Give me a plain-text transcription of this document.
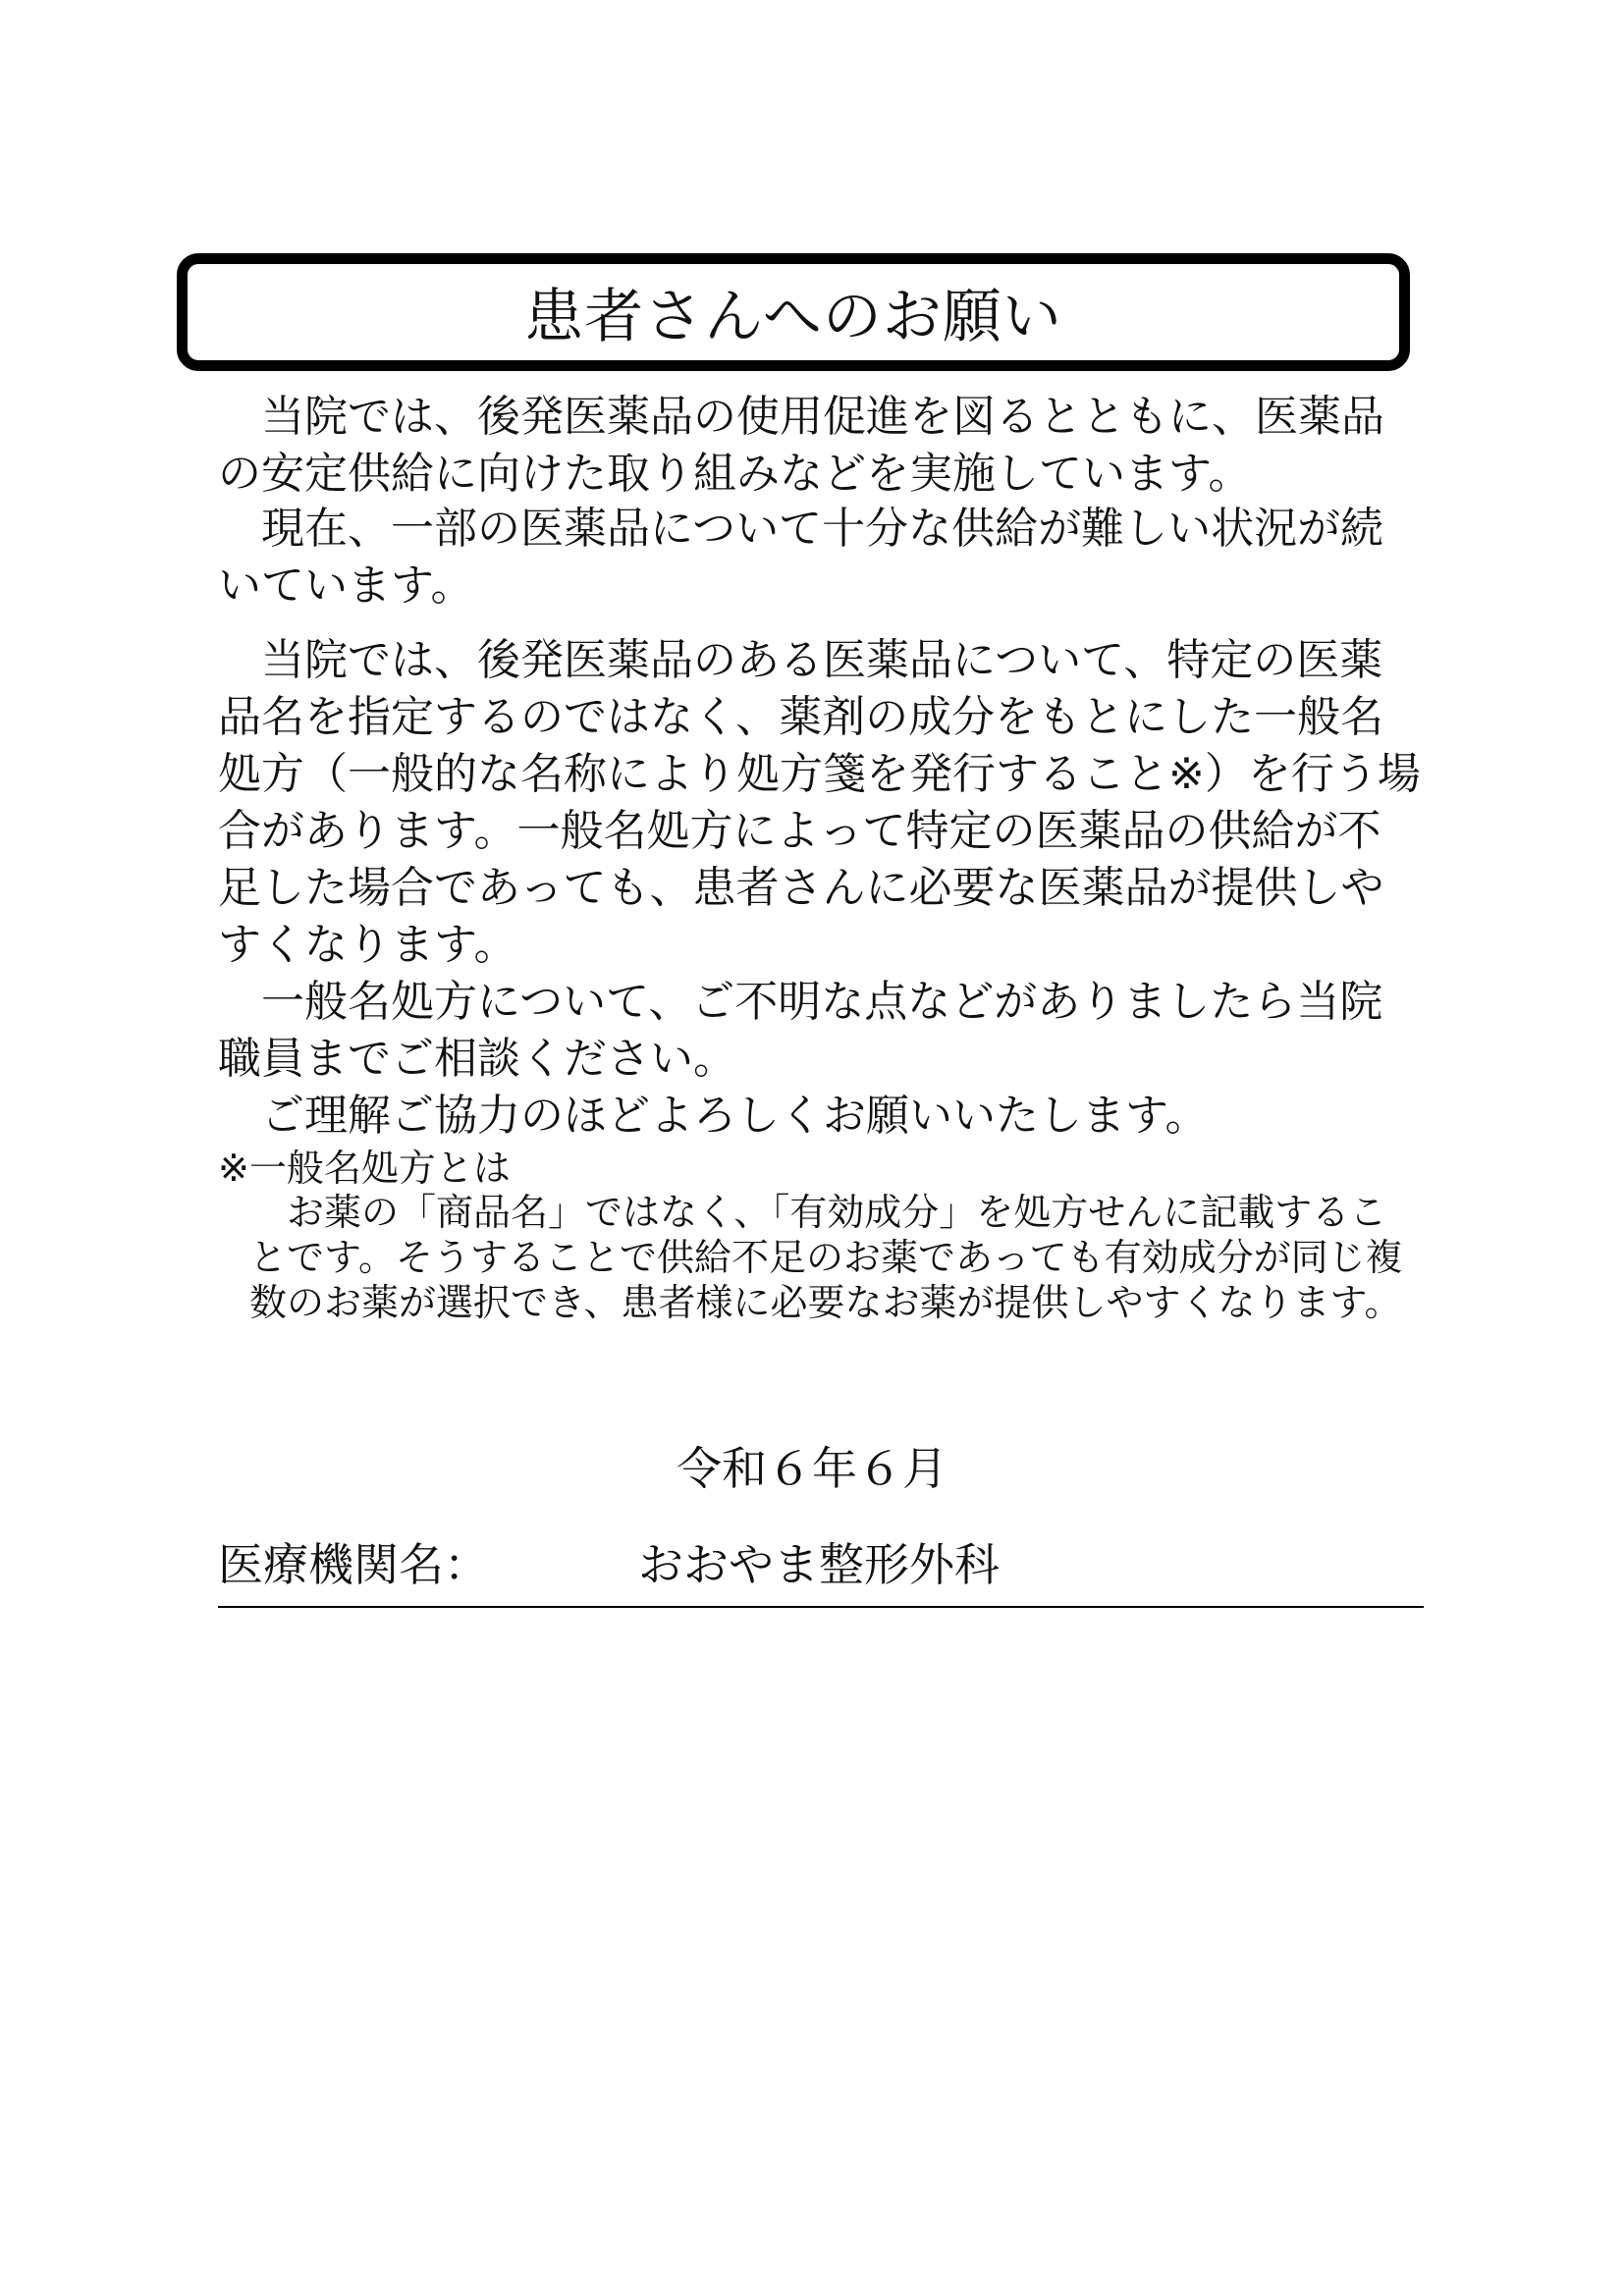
患者さんへのお願い

当院では、後発医薬品の使用促進を図るとともに、医薬品の安定供給に向けた取り組みなどを実施しています。

現在、一部の医薬品について十分な供給が難しい状況が続いています。

当院では、後発医薬品のある医薬品について、特定の医薬品名を指定するのではなく、薬剤の成分をもとにした一般名処方（一般的な名称により処方箋を発行すること※）を行う場合があります。一般名処方によって特定の医薬品の供給が不足した場合であっても、患者さんに必要な医薬品が提供しやすくなります。

一般名処方について、ご不明な点などがありましたら当院職員までご相談ください。

ご理解ご協力のほどよろしくお願いいたします。

※一般名処方とは
お薬の「商品名」ではなく、「有効成分」を処方せんに記載することです。そうすることで供給不足のお薬であっても有効成分が同じ複数のお薬が選択でき、患者様に必要なお薬が提供しやすくなります。
令和６年６月
医療機関名：	おおやま整形外科
